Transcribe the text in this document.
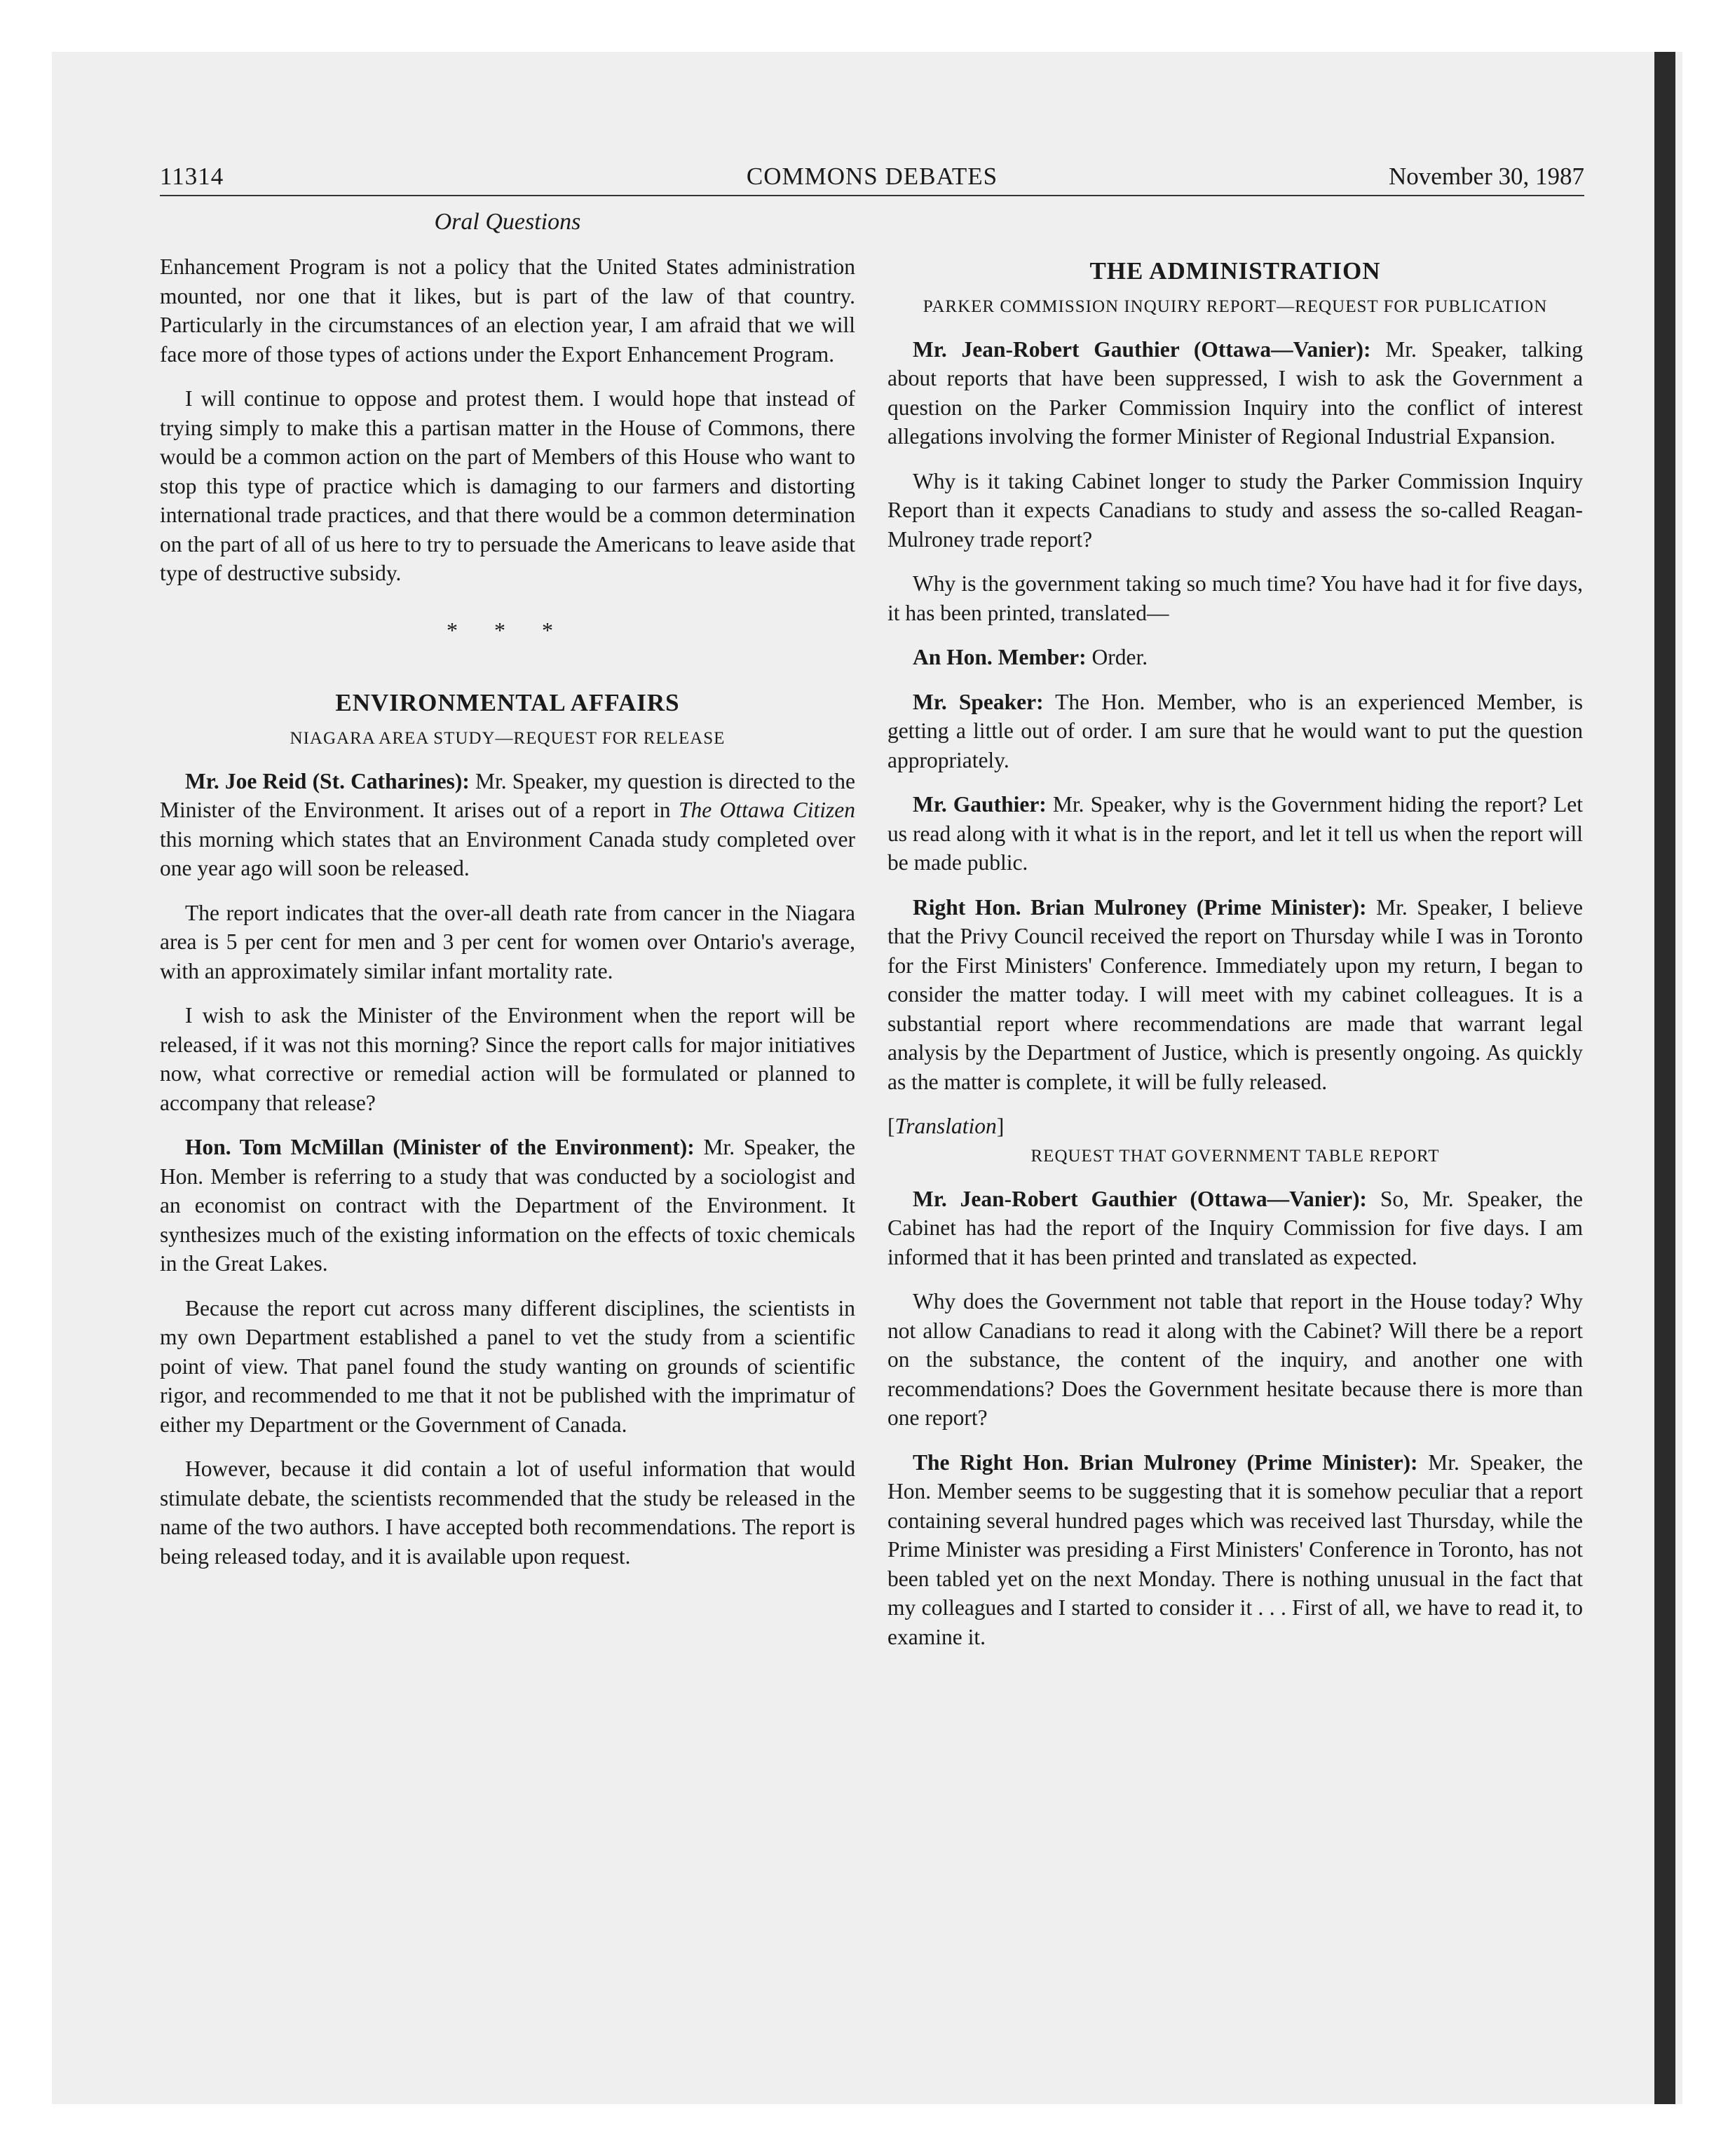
11314	COMMONS DEBATES	November 30, 1987
Oral Questions

Enhancement Program is not a policy that the United States administration mounted, nor one that it likes, but is part of the law of that country. Particularly in the circumstances of an election year, I am afraid that we will face more of those types of actions under the Export Enhancement Program.

I will continue to oppose and protest them. I would hope that instead of trying simply to make this a partisan matter in the House of Commons, there would be a common action on the part of Members of this House who want to stop this type of practice which is damaging to our farmers and distorting international trade practices, and that there would be a common determination on the part of all of us here to try to persuade the Americans to leave aside that type of destructive subsidy.

* * *
ENVIRONMENTAL AFFAIRS
NIAGARA AREA STUDY—REQUEST FOR RELEASE

Mr. Joe Reid (St. Catharines): Mr. Speaker, my question is directed to the Minister of the Environment. It arises out of a report in The Ottawa Citizen this morning which states that an Environment Canada study completed over one year ago will soon be released.

The report indicates that the over-all death rate from cancer in the Niagara area is 5 per cent for men and 3 per cent for women over Ontario's average, with an approximately similar infant mortality rate.

I wish to ask the Minister of the Environment when the report will be released, if it was not this morning? Since the report calls for major initiatives now, what corrective or remedial action will be formulated or planned to accompany that release?

Hon. Tom McMillan (Minister of the Environment): Mr. Speaker, the Hon. Member is referring to a study that was conducted by a sociologist and an economist on contract with the Department of the Environment. It synthesizes much of the existing information on the effects of toxic chemicals in the Great Lakes.

Because the report cut across many different disciplines, the scientists in my own Department established a panel to vet the study from a scientific point of view. That panel found the study wanting on grounds of scientific rigor, and recommended to me that it not be published with the imprimatur of either my Department or the Government of Canada.

However, because it did contain a lot of useful information that would stimulate debate, the scientists recommended that the study be released in the name of the two authors. I have accepted both recommendations. The report is being released today, and it is available upon request.

THE ADMINISTRATION
PARKER COMMISSION INQUIRY REPORT—REQUEST FOR PUBLICATION

Mr. Jean-Robert Gauthier (Ottawa—Vanier): Mr. Speaker, talking about reports that have been suppressed, I wish to ask the Government a question on the Parker Commission Inquiry into the conflict of interest allegations involving the former Minister of Regional Industrial Expansion.

Why is it taking Cabinet longer to study the Parker Commission Inquiry Report than it expects Canadians to study and assess the so-called Reagan-Mulroney trade report?

Why is the government taking so much time? You have had it for five days, it has been printed, translated—

An Hon. Member: Order.

Mr. Speaker: The Hon. Member, who is an experienced Member, is getting a little out of order. I am sure that he would want to put the question appropriately.

Mr. Gauthier: Mr. Speaker, why is the Government hiding the report? Let us read along with it what is in the report, and let it tell us when the report will be made public.

Right Hon. Brian Mulroney (Prime Minister): Mr. Speaker, I believe that the Privy Council received the report on Thursday while I was in Toronto for the First Ministers' Conference. Immediately upon my return, I began to consider the matter today. I will meet with my cabinet colleagues. It is a substantial report where recommendations are made that warrant legal analysis by the Department of Justice, which is presently ongoing. As quickly as the matter is complete, it will be fully released.

[Translation]
REQUEST THAT GOVERNMENT TABLE REPORT

Mr. Jean-Robert Gauthier (Ottawa—Vanier): So, Mr. Speaker, the Cabinet has had the report of the Inquiry Commission for five days. I am informed that it has been printed and translated as expected.

Why does the Government not table that report in the House today? Why not allow Canadians to read it along with the Cabinet? Will there be a report on the substance, the content of the inquiry, and another one with recommendations? Does the Government hesitate because there is more than one report?

The Right Hon. Brian Mulroney (Prime Minister): Mr. Speaker, the Hon. Member seems to be suggesting that it is somehow peculiar that a report containing several hundred pages which was received last Thursday, while the Prime Minister was presiding a First Ministers' Conference in Toronto, has not been tabled yet on the next Monday. There is nothing unusual in the fact that my colleagues and I started to consider it . . . First of all, we have to read it, to examine it.
